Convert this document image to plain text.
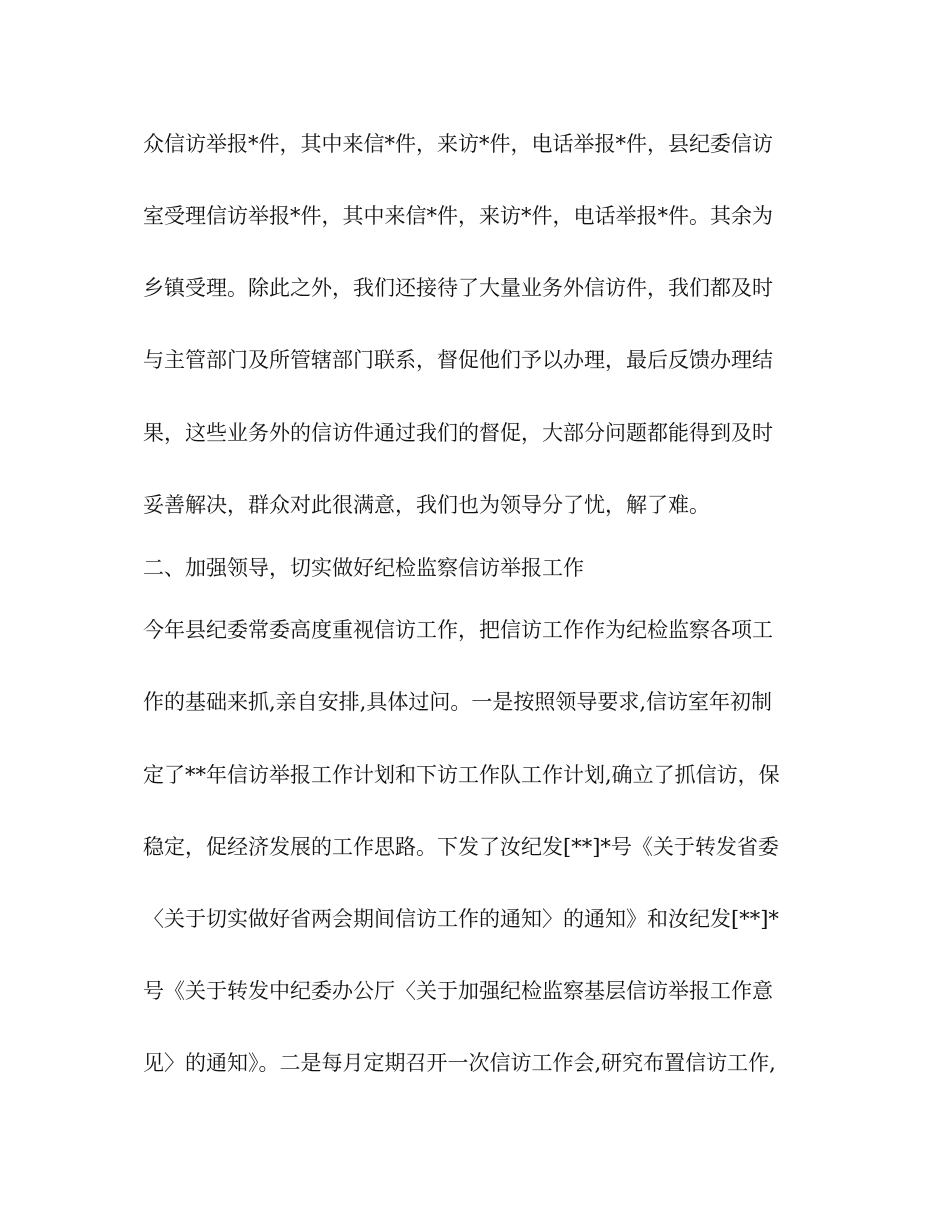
众信访举报*件，其中来信*件，来访*件，电话举报*件，县纪委信访
室受理信访举报*件，其中来信*件，来访*件，电话举报*件。其余为
乡镇受理。除此之外，我们还接待了大量业务外信访件，我们都及时
与主管部门及所管辖部门联系，督促他们予以办理，最后反馈办理结
果，这些业务外的信访件通过我们的督促，大部分问题都能得到及时
妥善解决，群众对此很满意，我们也为领导分了忧，解了难。
二、加强领导，切实做好纪检监察信访举报工作
今年县纪委常委高度重视信访工作，把信访工作作为纪检监察各项工
作的基础来抓,亲自安排,具体过问。一是按照领导要求,信访室年初制
定了**年信访举报工作计划和下访工作队工作计划,确立了抓信访，保
稳定，促经济发展的工作思路。下发了汝纪发[**]*号《关于转发省委
〈关于切实做好省两会期间信访工作的通知〉的通知》和汝纪发[**]*
号《关于转发中纪委办公厅〈关于加强纪检监察基层信访举报工作意
见〉的通知》。二是每月定期召开一次信访工作会,研究布置信访工作,
